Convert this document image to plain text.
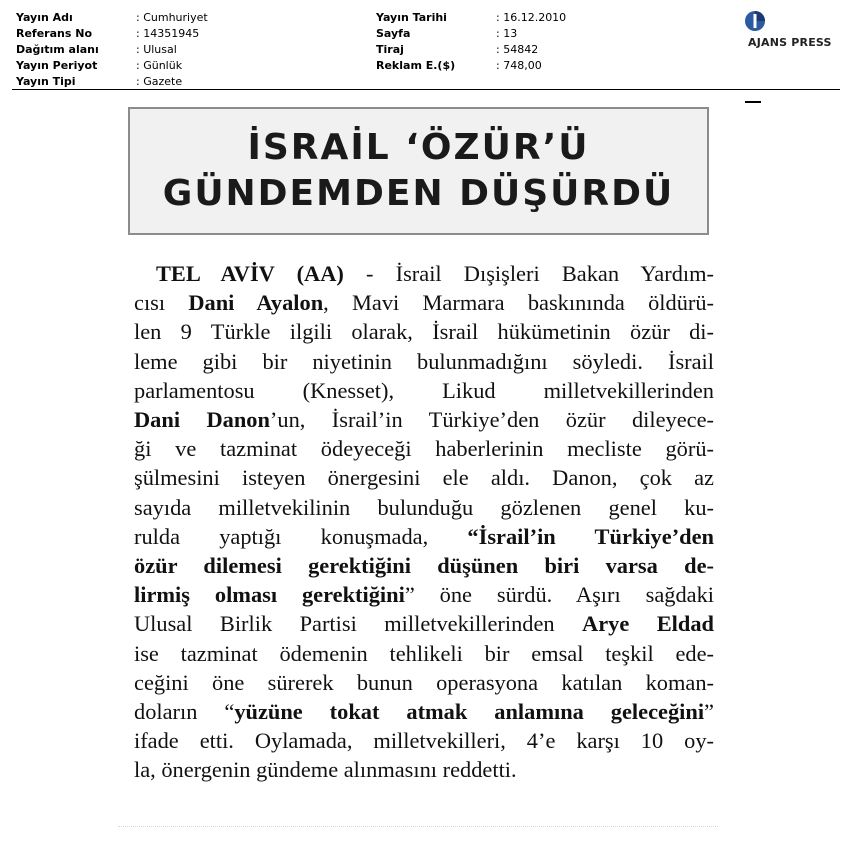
Yayın Adı	: Cumhuriyet
Referans No	: 14351945
Dağıtım alanı	: Ulusal
Yayın Periyot	: Günlük
Yayın Tipi	: Gazete
Yayın Tarihi	: 16.12.2010
Sayfa	: 13
Tiraj	: 54842
Reklam E.($)	: 748,00
AJANS PRESS
İSRAİL ‘ÖZÜR’Ü
GÜNDEMDEN DÜŞÜRDÜ
TEL AVİV (AA) - İsrail Dışişleri Bakan Yardım-
cısı Dani Ayalon, Mavi Marmara baskınında öldürü-
len 9 Türkle ilgili olarak, İsrail hükümetinin özür di-
leme gibi bir niyetinin bulunmadığını söyledi. İsrail
parlamentosu (Knesset), Likud milletvekillerinden
Dani Danon’un, İsrail’in Türkiye’den özür dileyece-
ği ve tazminat ödeyeceği haberlerinin mecliste görü-
şülmesini isteyen önergesini ele aldı. Danon, çok az
sayıda milletvekilinin bulunduğu gözlenen genel ku-
rulda yaptığı konuşmada, “İsrail’in Türkiye’den
özür dilemesi gerektiğini düşünen biri varsa de-
lirmiş olması gerektiğini” öne sürdü. Aşırı sağdaki
Ulusal Birlik Partisi milletvekillerinden Arye Eldad
ise tazminat ödemenin tehlikeli bir emsal teşkil ede-
ceğini öne sürerek bunun operasyona katılan koman-
doların “yüzüne tokat atmak anlamına geleceğini”
ifade etti. Oylamada, milletvekilleri, 4’e karşı 10 oy-
la, önergenin gündeme alınmasını reddetti.
